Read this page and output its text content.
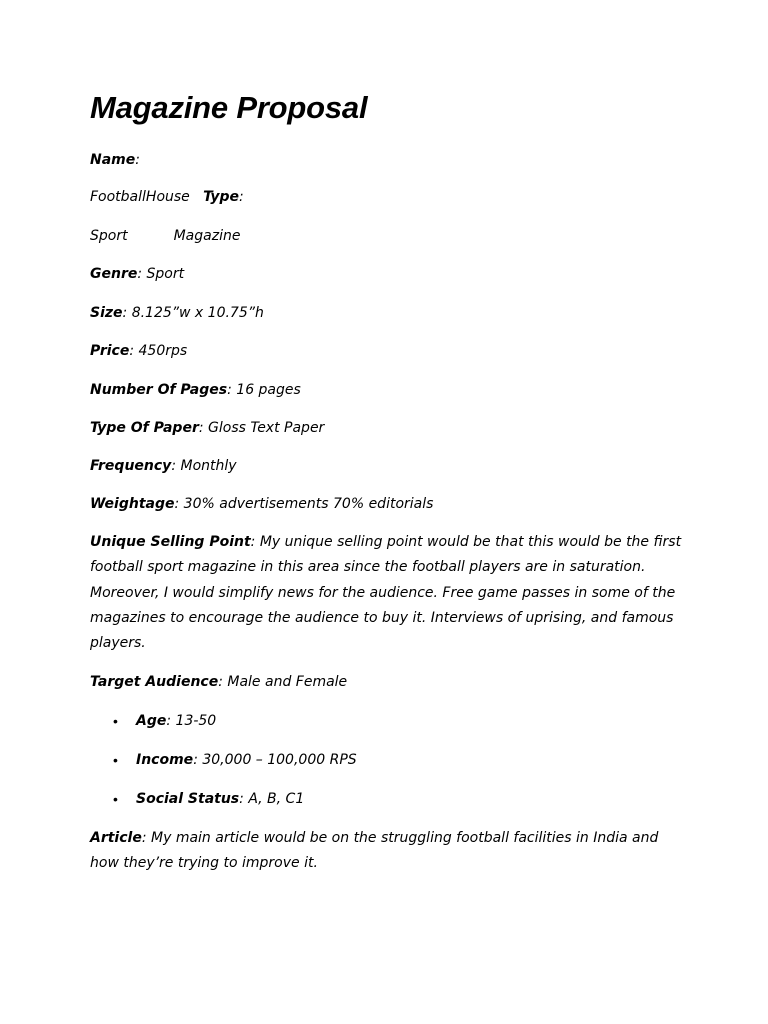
Magazine Proposal

Name:

FootballHouse Type:

Sport	Magazine

Genre: Sport

Size: 8.125”w x 10.75”h

Price: 450rps

Number Of Pages: 16 pages

Type Of Paper: Gloss Text Paper

Frequency: Monthly

Weightage: 30% advertisements 70% editorials

Unique Selling Point: My unique selling point would be that this would be the first football sport magazine in this area since the football players are in saturation. Moreover, I would simplify news for the audience. Free game passes in some of the magazines to encourage the audience to buy it. Interviews of uprising, and famous players.

Target Audience: Male and Female

•	Age: 13-50

•	Income: 30,000 – 100,000 RPS

•	Social Status: A, B, C1

Article: My main article would be on the struggling football facilities in India and how they’re trying to improve it.
